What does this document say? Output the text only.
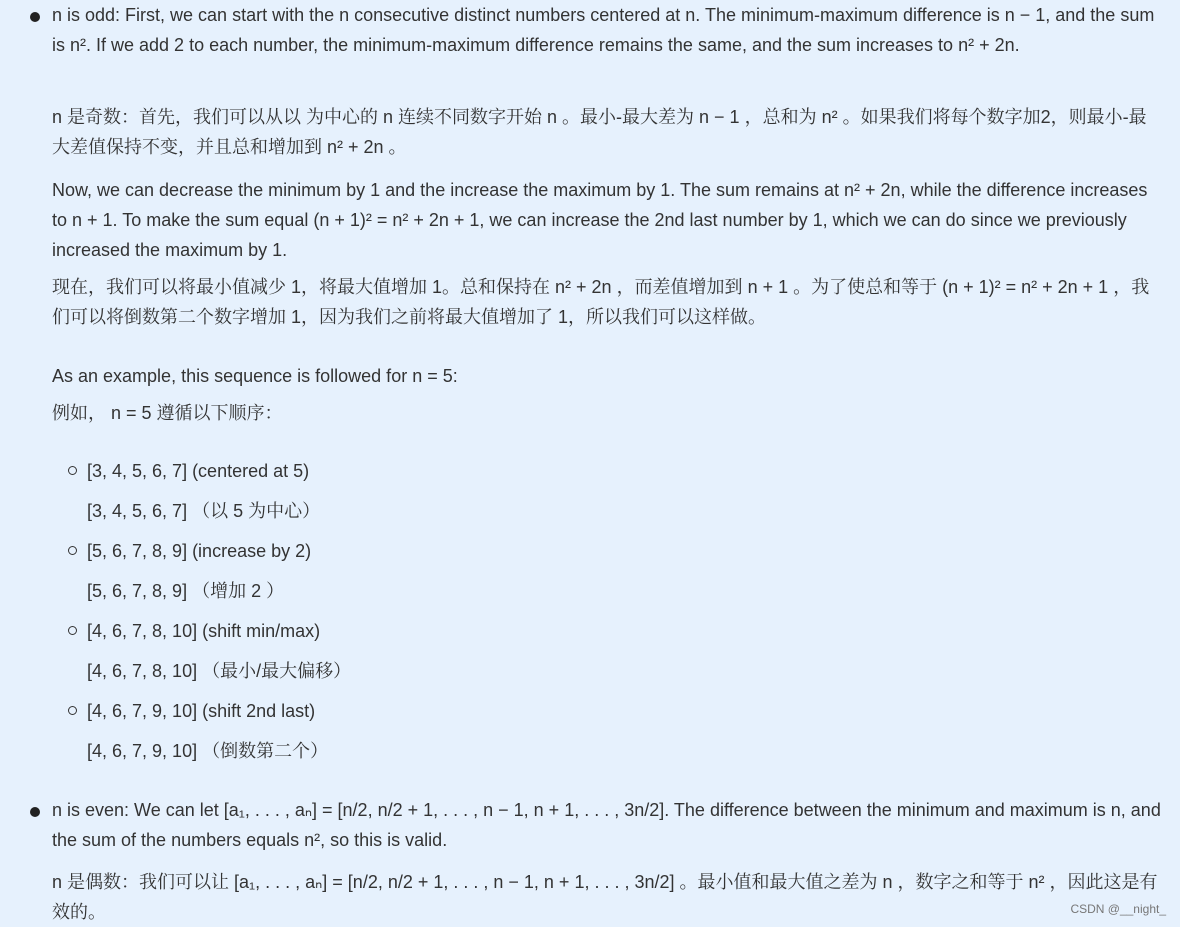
n is odd: First, we can start with the n consecutive distinct numbers centered at n. The minimum-maximum difference is n − 1, and the sum is n². If we add 2 to each number, the minimum-maximum difference remains the same, and the sum increases to n² + 2n.

n 是奇数：首先，我们可以从以 为中心的 n 连续不同数字开始 n 。最小-最大差为 n − 1 ，总和为 n² 。如果我们将每个数字加2，则最小-最大差值保持不变，并且总和增加到 n² + 2n 。

Now, we can decrease the minimum by 1 and the increase the maximum by 1. The sum remains at n² + 2n, while the difference increases to n + 1. To make the sum equal (n + 1)² = n² + 2n + 1, we can increase the 2nd last number by 1, which we can do since we previously increased the maximum by 1.

现在，我们可以将最小值减少 1，将最大值增加 1。总和保持在 n² + 2n ，而差值增加到 n + 1 。为了使总和等于 (n + 1)² = n² + 2n + 1 ，我们可以将倒数第二个数字增加 1，因为我们之前将最大值增加了 1，所以我们可以这样做。

As an example, this sequence is followed for n = 5:

例如， n = 5 遵循以下顺序：

[3, 4, 5, 6, 7] (centered at 5)

[3, 4, 5, 6, 7] （以 5 为中心）

[5, 6, 7, 8, 9] (increase by 2)

[5, 6, 7, 8, 9] （增加 2 ）

[4, 6, 7, 8, 10] (shift min/max)

[4, 6, 7, 8, 10] （最小/最大偏移）

[4, 6, 7, 9, 10] (shift 2nd last)

[4, 6, 7, 9, 10] （倒数第二个）

n is even: We can let [a₁, . . . , aₙ] = [n/2, n/2 + 1, . . . , n − 1, n + 1, . . . , 3n/2]. The difference between the minimum and maximum is n, and the sum of the numbers equals n², so this is valid.

n 是偶数：我们可以让 [a₁, . . . , aₙ] = [n/2, n/2 + 1, . . . , n − 1, n + 1, . . . , 3n/2] 。最小值和最大值之差为 n ，数字之和等于 n² ，因此这是有效的。	CSDN @__night_
